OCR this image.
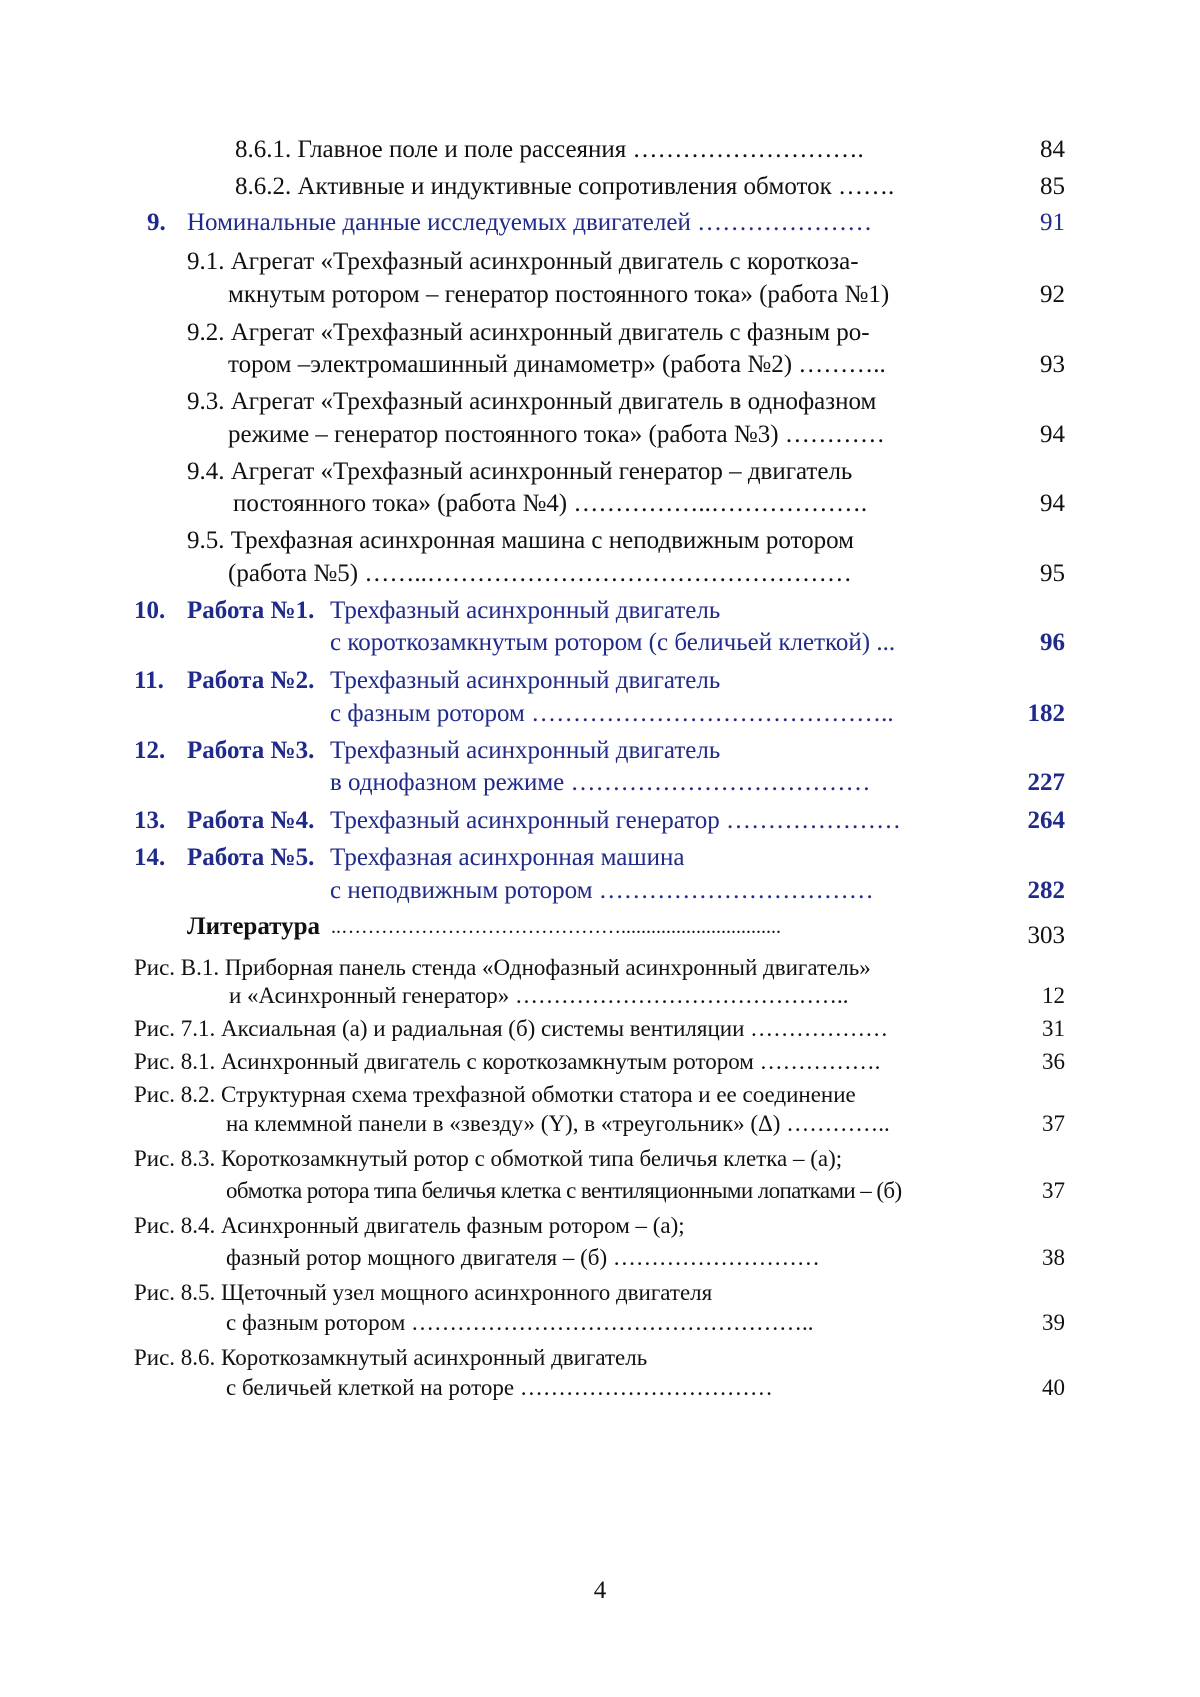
8.6.1. Главное поле и поле рассеяния ……………………….	84
8.6.2. Активные и индуктивные сопротивления обмоток …….	85
9. Номинальные данные исследуемых двигателей …………………	91
9.1. Агрегат «Трехфазный асинхронный двигатель с короткоза-
мкнутым ротором – генератор постоянного тока» (работа №1)	92
9.2. Агрегат «Трехфазный асинхронный двигатель с фазным ро-
тором –электромашинный динамометр» (работа №2) ………..	93
9.3. Агрегат «Трехфазный асинхронный двигатель в однофазном
режиме – генератор постоянного тока» (работа №3) …………	94
9.4. Агрегат «Трехфазный асинхронный генератор – двигатель
постоянного тока» (работа №4) ……………..……………….	94
9.5. Трехфазная асинхронная машина с неподвижным ротором
(работа №5) ……..……………………………………………	95
10. Работа №1. Трехфазный асинхронный двигатель
с короткозамкнутым ротором (с беличьей клеткой) ...	96
11. Работа №2. Трехфазный асинхронный двигатель
с фазным ротором ……………………………………..	182
12. Работа №3. Трехфазный асинхронный двигатель
в однофазном режиме ………………………………	227
13. Работа №4. Трехфазный асинхронный генератор …………………	264
14. Работа №5. Трехфазная асинхронная машина
с неподвижным ротором ……………………………	282
Литература ..……………………………………................................	303
Рис. В.1. Приборная панель стенда «Однофазный асинхронный двигатель»
и «Асинхронный генератор» ……………………………………..	12
Рис. 7.1. Аксиальная (а) и радиальная (б) системы вентиляции ………………	31
Рис. 8.1. Асинхронный двигатель с короткозамкнутым ротором …………….	36
Рис. 8.2. Структурная схема трехфазной обмотки статора и ее соединение
на клеммной панели в «звезду» (Y), в «треугольник» (Δ) …………..	37
Рис. 8.3. Короткозамкнутый ротор с обмоткой типа беличья клетка – (а);
обмотка ротора типа беличья клетка с вентиляционными лопатками – (б)	37
Рис. 8.4. Асинхронный двигатель фазным ротором – (а);
фазный ротор мощного двигателя – (б) ………………………	38
Рис. 8.5. Щеточный узел мощного асинхронного двигателя
с фазным ротором ……………………………………………..	39
Рис. 8.6. Короткозамкнутый асинхронный двигатель
с беличьей клеткой на роторе ……………………………	40
4
